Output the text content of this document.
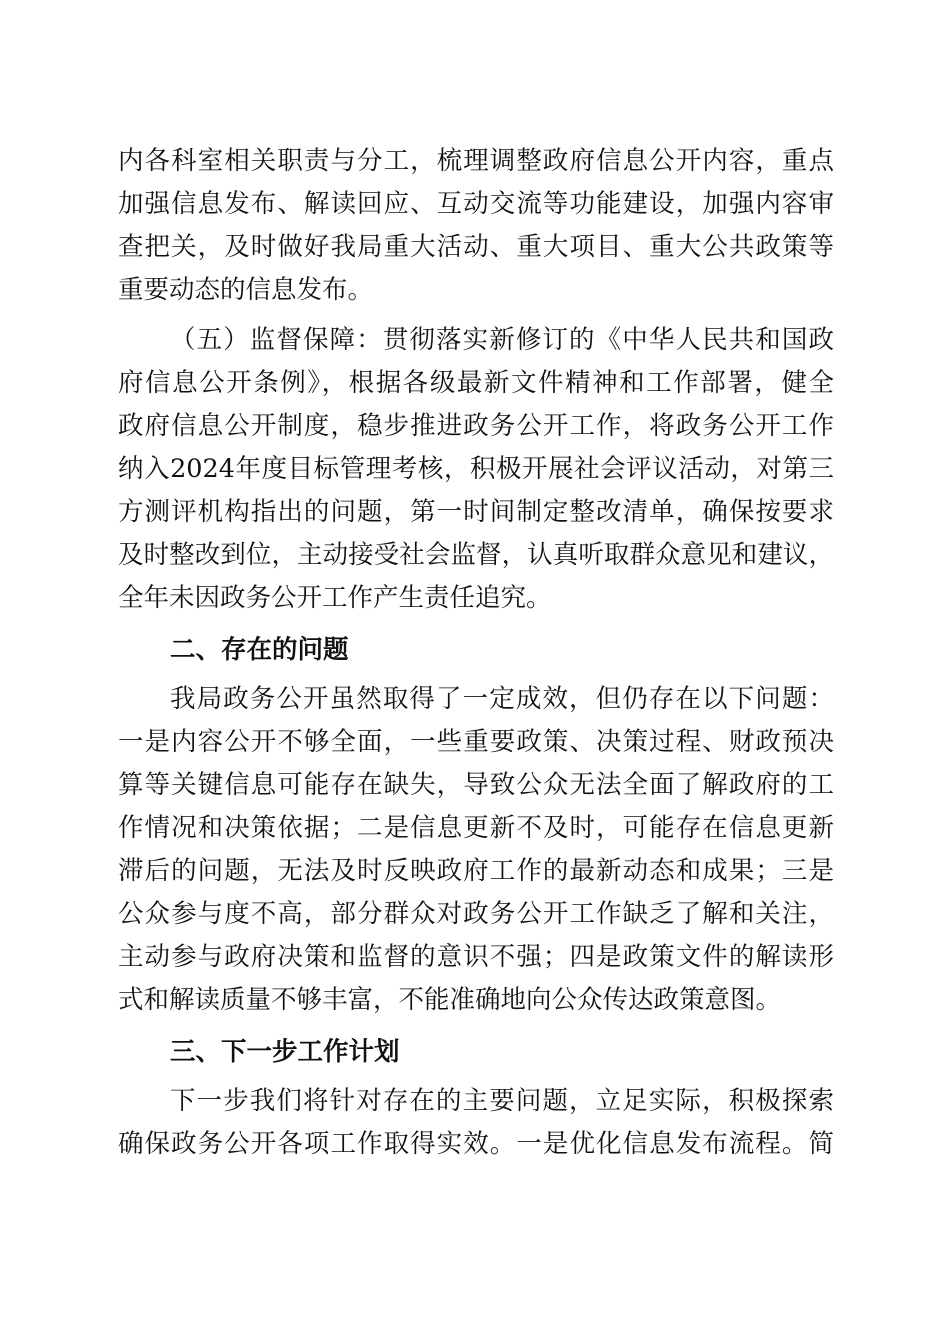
内各科室相关职责与分工，梳理调整政府信息公开内容，重点

加强信息发布、解读回应、互动交流等功能建设，加强内容审

查把关，及时做好我局重大活动、重大项目、重大公共政策等

重要动态的信息发布。

（五）监督保障：贯彻落实新修订的《中华人民共和国政

府信息公开条例》，根据各级最新文件精神和工作部署，健全

政府信息公开制度，稳步推进政务公开工作，将政务公开工作

纳入2024年度目标管理考核，积极开展社会评议活动，对第三

方测评机构指出的问题，第一时间制定整改清单，确保按要求

及时整改到位，主动接受社会监督，认真听取群众意见和建议，

全年未因政务公开工作产生责任追究。

二、存在的问题

我局政务公开虽然取得了一定成效，但仍存在以下问题：

一是内容公开不够全面，一些重要政策、决策过程、财政预决

算等关键信息可能存在缺失，导致公众无法全面了解政府的工

作情况和决策依据；二是信息更新不及时，可能存在信息更新

滞后的问题，无法及时反映政府工作的最新动态和成果；三是

公众参与度不高，部分群众对政务公开工作缺乏了解和关注，

主动参与政府决策和监督的意识不强；四是政策文件的解读形

式和解读质量不够丰富，不能准确地向公众传达政策意图。

三、下一步工作计划

下一步我们将针对存在的主要问题，立足实际，积极探索

确保政务公开各项工作取得实效。一是优化信息发布流程。简
